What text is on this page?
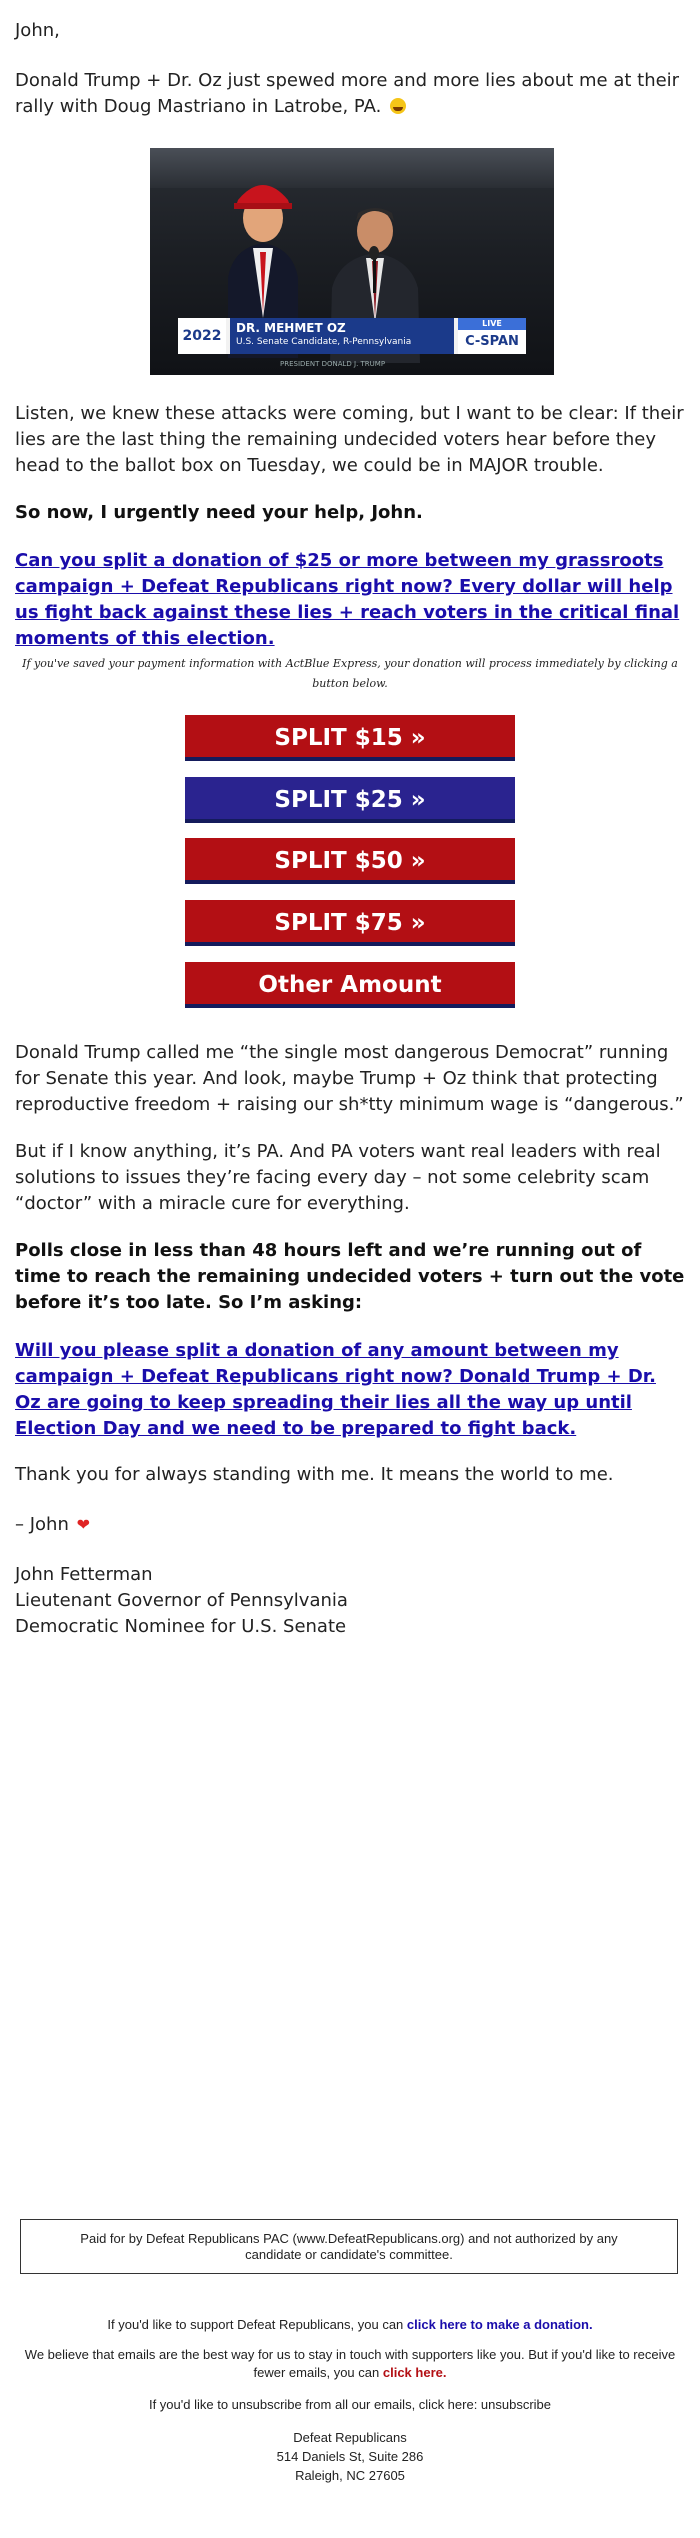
John,

Donald Trump + Dr. Oz just spewed more and more lies about me at their rally with Doug Mastriano in Latrobe, PA.

2022	DR. MEHMET OZ
U.S. Senate Candidate, R-Pennsylvania
LIVE
C-SPAN
PRESIDENT DONALD J. TRUMP

Listen, we knew these attacks were coming, but I want to be clear: If their lies are the last thing the remaining undecided voters hear before they head to the ballot box on Tuesday, we could be in MAJOR trouble.

So now, I urgently need your help, John.

Can you split a donation of $25 or more between my grassroots campaign + Defeat Republicans right now? Every dollar will help us fight back against these lies + reach voters in the critical final moments of this election.

If you've saved your payment information with ActBlue Express, your donation will process immediately by clicking a button below.
SPLIT $15 »
SPLIT $25 »
SPLIT $50 »
SPLIT $75 »
Other Amount

Donald Trump called me “the single most dangerous Democrat” running for Senate this year. And look, maybe Trump + Oz think that protecting reproductive freedom + raising our sh*tty minimum wage is “dangerous.”

But if I know anything, it’s PA. And PA voters want real leaders with real solutions to issues they’re facing every day – not some celebrity scam “doctor” with a miracle cure for everything.

Polls close in less than 48 hours left and we’re running out of time to reach the remaining undecided voters + turn out the vote before it’s too late. So I’m asking:

Will you please split a donation of any amount between my campaign + Defeat Republicans right now? Donald Trump + Dr. Oz are going to keep spreading their lies all the way up until Election Day and we need to be prepared to fight back.

Thank you for always standing with me. It means the world to me.

– John ❤

John Fetterman
Lieutenant Governor of Pennsylvania
Democratic Nominee for U.S. Senate
Paid for by Defeat Republicans PAC (www.DefeatRepublicans.org) and not authorized by any candidate or candidate's committee.
If you'd like to support Defeat Republicans, you can click here to make a donation.
We believe that emails are the best way for us to stay in touch with supporters like you. But if you'd like to receive fewer emails, you can click here.
If you'd like to unsubscribe from all our emails, click here: unsubscribe
Defeat Republicans
514 Daniels St, Suite 286
Raleigh, NC 27605
